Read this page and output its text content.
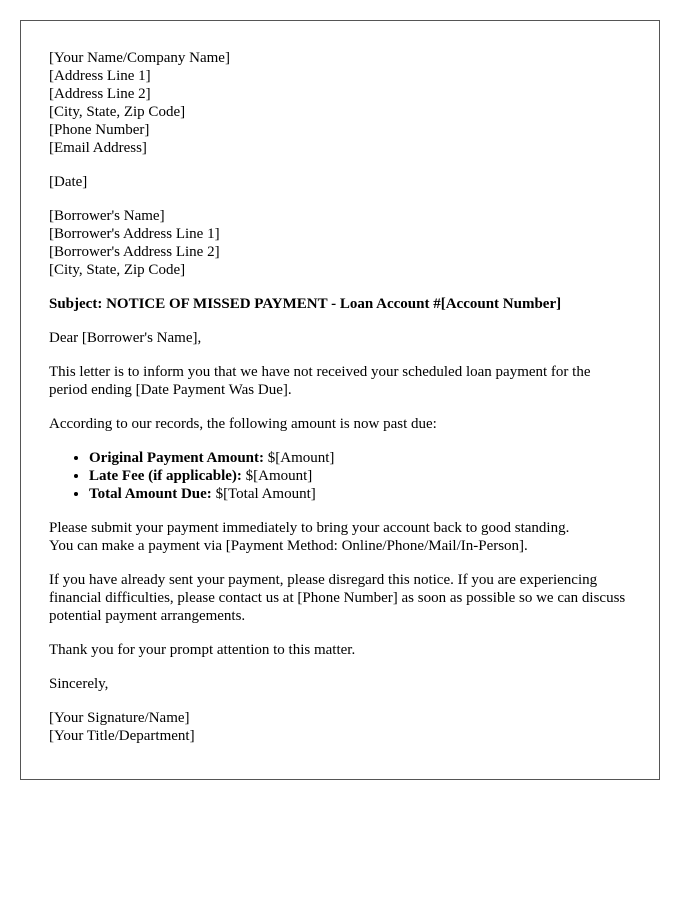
[Your Name/Company Name]
[Address Line 1]
[Address Line 2]
[City, State, Zip Code]
[Phone Number]
[Email Address]
[Date]
[Borrower's Name]
[Borrower's Address Line 1]
[Borrower's Address Line 2]
[City, State, Zip Code]
Subject: NOTICE OF MISSED PAYMENT - Loan Account #[Account Number]

Dear [Borrower's Name],

This letter is to inform you that we have not received your scheduled loan payment for the period ending [Date Payment Was Due].

According to our records, the following amount is now past due:

• Original Payment Amount: $[Amount]
• Late Fee (if applicable): $[Amount]
• Total Amount Due: $[Total Amount]

Please submit your payment immediately to bring your account back to good standing.
You can make a payment via [Payment Method: Online/Phone/Mail/In-Person].

If you have already sent your payment, please disregard this notice. If you are experiencing financial difficulties, please contact us at [Phone Number] as soon as possible so we can discuss potential payment arrangements.

Thank you for your prompt attention to this matter.

Sincerely,

[Your Signature/Name]
[Your Title/Department]
